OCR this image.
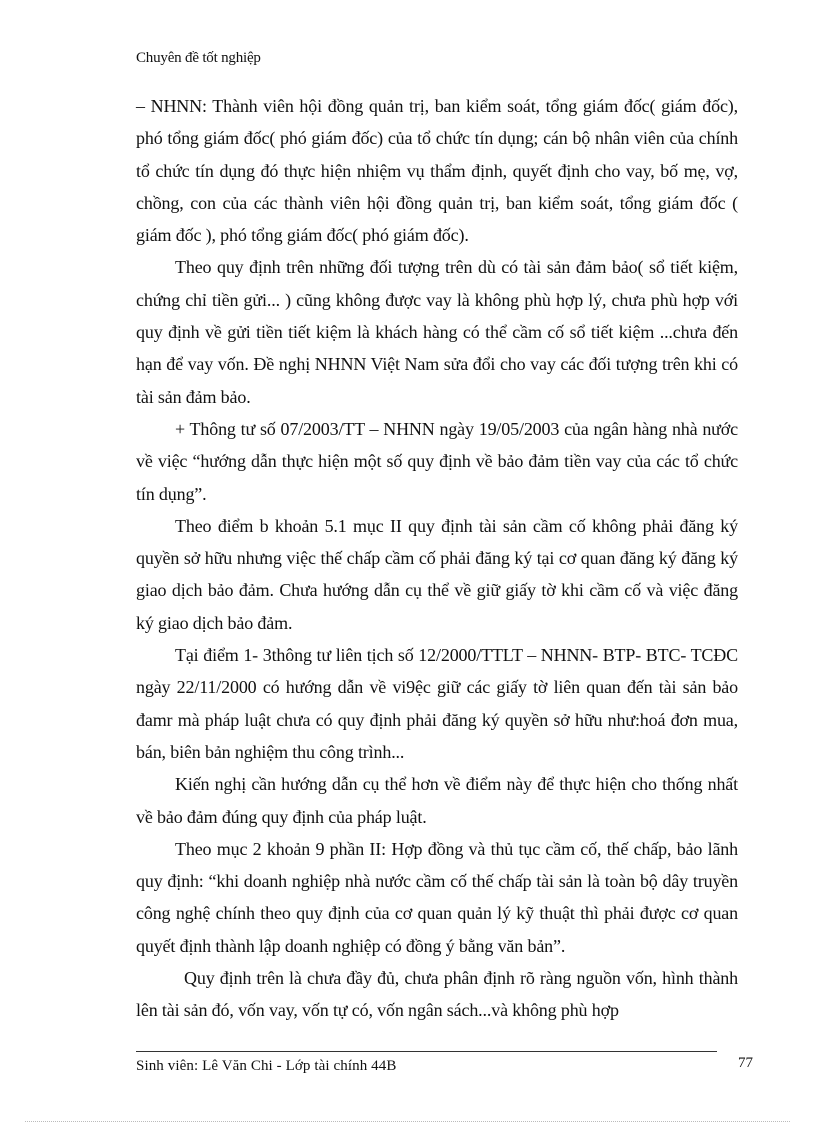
Chuyên đề tốt nghiệp

– NHNN: Thành viên hội đồng quản trị, ban kiểm soát, tổng giám đốc( giám đốc), phó tổng giám đốc( phó giám đốc) của tổ chức tín dụng; cán bộ nhân viên của chính tổ chức tín dụng đó thực hiện nhiệm vụ thẩm định, quyết định cho vay, bố mẹ, vợ, chồng, con của các thành viên hội đồng quản trị, ban kiểm soát, tổng giám đốc ( giám đốc ), phó tổng giám đốc( phó giám đốc).

Theo quy định trên những đối tượng trên dù có tài sản đảm bảo( sổ tiết kiệm, chứng chỉ tiền gửi... ) cũng không được vay là không phù hợp lý, chưa phù hợp với quy định về gửi tiền tiết kiệm là khách hàng có thể cầm cố sổ tiết kiệm ...chưa đến hạn để vay vốn. Đề nghị NHNN Việt Nam sửa đổi cho vay các đối tượng trên khi có tài sản đảm bảo.

+ Thông tư số 07/2003/TT – NHNN ngày 19/05/2003 của ngân hàng nhà nước về việc “hướng dẫn thực hiện một số quy định về bảo đảm tiền vay của các tổ chức tín dụng”.

Theo điểm b khoản 5.1 mục II quy định tài sản cầm cố không phải đăng ký quyền sở hữu nhưng việc thế chấp cầm cố phải đăng ký tại cơ quan đăng ký đăng ký giao dịch bảo đảm. Chưa hướng dẫn cụ thể về giữ giấy tờ khi cầm cố và việc đăng ký giao dịch bảo đảm.

Tại điểm 1- 3thông tư liên tịch số 12/2000/TTLT – NHNN- BTP- BTC- TCĐC ngày 22/11/2000 có hướng dẫn về vi9ệc giữ các giấy tờ liên quan đến tài sản bảo đamr mà pháp luật chưa có quy định phải đăng ký quyền sở hữu như:hoá đơn mua, bán, biên bản nghiệm thu công trình...

Kiến nghị cần hướng dẫn cụ thể hơn về điểm này để thực hiện cho thống nhất về bảo đảm đúng quy định của pháp luật.

Theo mục 2 khoản 9 phần II: Hợp đồng và thủ tục cầm cố, thế chấp, bảo lãnh quy định: “khi doanh nghiệp nhà nước cầm cố thế chấp tài sản là toàn bộ dây truyền công nghệ chính theo quy định của cơ quan quản lý kỹ thuật thì phải được cơ quan quyết định thành lập doanh nghiệp có đồng ý bằng văn bản”.

Quy định trên là chưa đầy đủ, chưa phân định rõ ràng nguồn vốn, hình thành lên tài sản đó, vốn vay, vốn tự có, vốn ngân sách...và không phù hợp

Sinh viên: Lê Văn Chi - Lớp tài chính 44B	77
